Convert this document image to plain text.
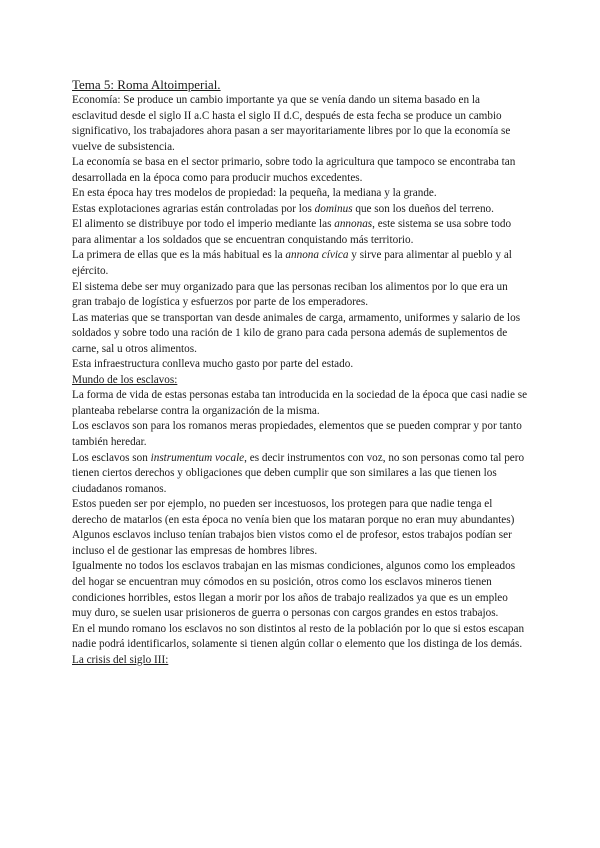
Tema 5: Roma Altoimperial.

Economía: Se produce un cambio importante ya que se venía dando un sitema basado en la esclavitud desde el siglo II a.C hasta el siglo II d.C, después de esta fecha se produce un cambio significativo, los trabajadores ahora pasan a ser mayoritariamente libres por lo que la economía se vuelve de subsistencia.

La economía se basa en el sector primario, sobre todo la agricultura que tampoco se encontraba tan desarrollada en la época como para producir muchos excedentes.

En esta época hay tres modelos de propiedad: la pequeña, la mediana y la grande.

Estas explotaciones agrarias están controladas por los dominus que son los dueños del terreno.

El alimento se distribuye por todo el imperio mediante las annonas, este sistema se usa sobre todo para alimentar a los soldados que se encuentran conquistando más territorio.

La primera de ellas que es la más habitual es la annona cívica y sirve para alimentar al pueblo y al ejército.

El sistema debe ser muy organizado para que las personas reciban los alimentos por lo que era un gran trabajo de logística y esfuerzos por parte de los emperadores.

Las materias que se transportan van desde animales de carga, armamento, uniformes y salario de los soldados y sobre todo una ración de 1 kilo de grano para cada persona además de suplementos de carne, sal u otros alimentos.

Esta infraestructura conlleva mucho gasto por parte del estado.

Mundo de los esclavos:

La forma de vida de estas personas estaba tan introducida en la sociedad de la época que casi nadie se planteaba rebelarse contra la organización de la misma.

Los esclavos son para los romanos meras propiedades, elementos que se pueden comprar y por tanto también heredar.

Los esclavos son instrumentum vocale, es decir instrumentos con voz, no son personas como tal pero tienen ciertos derechos y obligaciones que deben cumplir que son similares a las que tienen los ciudadanos romanos.

Estos pueden ser por ejemplo, no pueden ser incestuosos, los protegen para que nadie tenga el derecho de matarlos (en esta época no venía bien que los mataran porque no eran muy abundantes)

Algunos esclavos incluso tenían trabajos bien vistos como el de profesor, estos trabajos podían ser incluso el de gestionar las empresas de hombres libres.

Igualmente no todos los esclavos trabajan en las mismas condiciones, algunos como los empleados del hogar se encuentran muy cómodos en su posición, otros como los esclavos mineros tienen condiciones horribles, estos llegan a morir por los años de trabajo realizados ya que es un empleo muy duro, se suelen usar prisioneros de guerra o personas con cargos grandes en estos trabajos.

En el mundo romano los esclavos no son distintos al resto de la población por lo que si estos escapan nadie podrá identificarlos, solamente si tienen algún collar o elemento que los distinga de los demás.

La crisis del siglo III:
